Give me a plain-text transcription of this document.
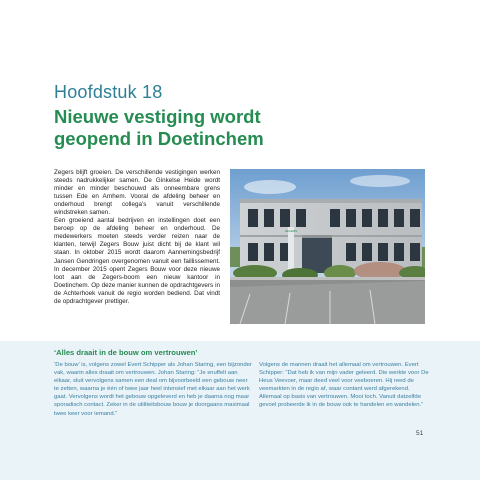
Hoofdstuk 18
Nieuwe vestiging wordt
geopend in Doetinchem

Zegers blijft groeien. De verschillende vestigingen werken steeds nadrukkelijker samen. De Ginkelse Heide wordt minder en minder beschouwd als onneembare grens tussen Ede en Arnhem. Vooral de afdeling beheer en onderhoud brengt collega’s vanuit verschillende windstreken samen.

Een groeiend aantal bedrijven en instellingen doet een beroep op de afdeling beheer en onderhoud. De medewerkers moeten steeds verder reizen naar de klanten, terwijl Zegers Bouw juist dicht bij de klant wil staan. In oktober 2015 wordt daarom Aannemingsbedrijf Jansen Gendringen overgenomen vanuit een faillissement. In december 2015 opent Zegers Bouw voor deze nieuwe loot aan de Zegers-boom een nieuw kantoor in Doetinchem. Op deze manier kunnen de opdrachtgevers in de Achterhoek vanuit de regio worden bediend. Dat vindt de opdrachtgever prettiger.

ZEGERS
‘Alles draait in de bouw om vertrouwen’

‘De bouw’ is, volgens zowel Evert Schipper als Johan Staring, een bijzonder vak, waarin alles draait om vertrouwen. Johan Staring: “Je snuffelt aan elkaar, sluit vervolgens samen een deal om bijvoorbeeld een gebouw neer te zetten, waarna je één of twee jaar heel intensief met elkaar aan het werk gaat. Vervolgens wordt het gebouw opgeleverd en heb je daarna nog maar sporadisch contact. Zeker in de utiliteitsbouw bouw je doorgaans maximaal twee keer voor iemand.”

Volgens de mannen draait het allemaal om vertrouwen. Evert Schipper: “Dat heb ik van mijn vader geleerd. Die werkte voor De Heus Veevoer, maar deed veel voor veeboeren. Hij reed de veemarkten in de regio af, waar contant werd afgerekend. Allemaal op basis van vertrouwen. Mooi toch. Vanuit datzelfde gevoel probeerde ik in de bouw ook te handelen en wandelen.”

51
